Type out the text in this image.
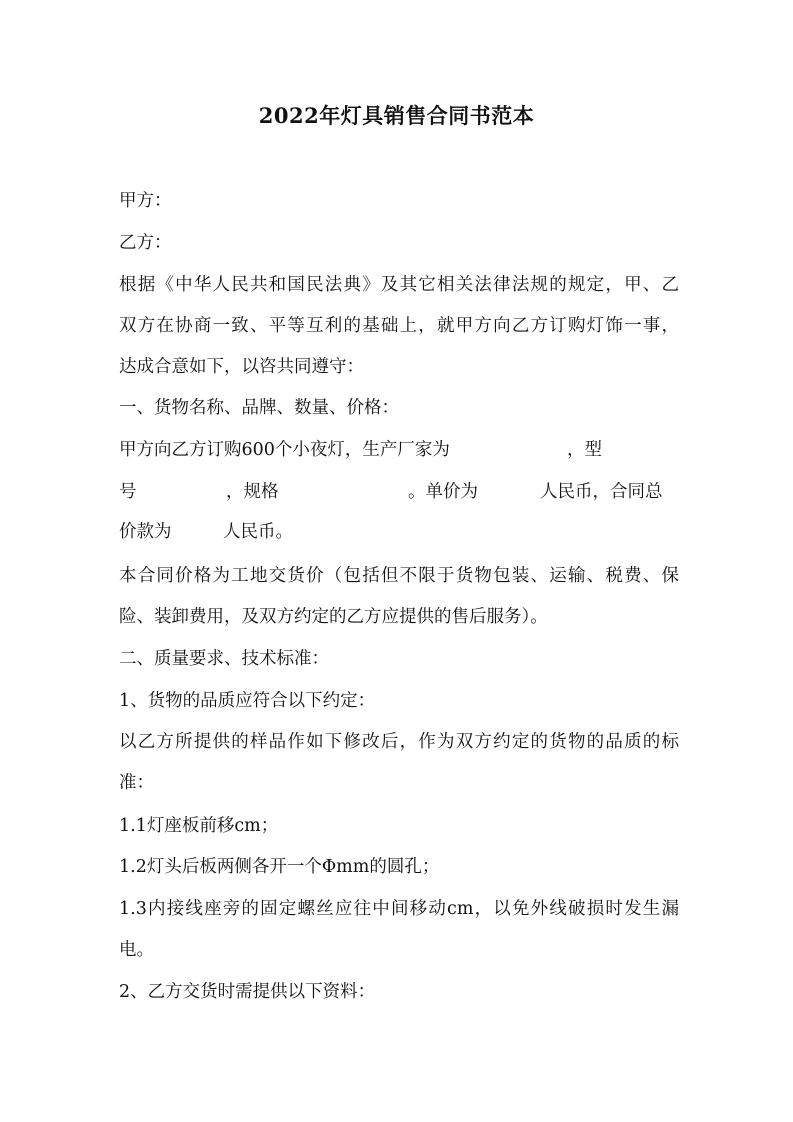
2022年灯具销售合同书范本
甲方：
乙方：
根据《中华人民共和国民法典》及其它相关法律法规的规定，甲、乙
双方在协商一致、平等互利的基础上，就甲方向乙方订购灯饰一事，
达成合意如下，以咨共同遵守：
一、货物名称、品牌、数量、价格：

甲方向乙方订购600个小夜灯，生产厂家为

	，型

号

	，规格

	。单价为

	人民币，合同总

价款为

	人民币。

本合同价格为工地交货价（包括但不限于货物包装、运输、税费、保
险、装卸费用，及双方约定的乙方应提供的售后服务）。
二、质量要求、技术标准：
1、货物的品质应符合以下约定：
以乙方所提供的样品作如下修改后，作为双方约定的货物的品质的标
准：
1.1灯座板前移cm；
1.2灯头后板两侧各开一个Φmm的圆孔；
1.3内接线座旁的固定螺丝应往中间移动cm，以免外线破损时发生漏
电。
2、乙方交货时需提供以下资料：
